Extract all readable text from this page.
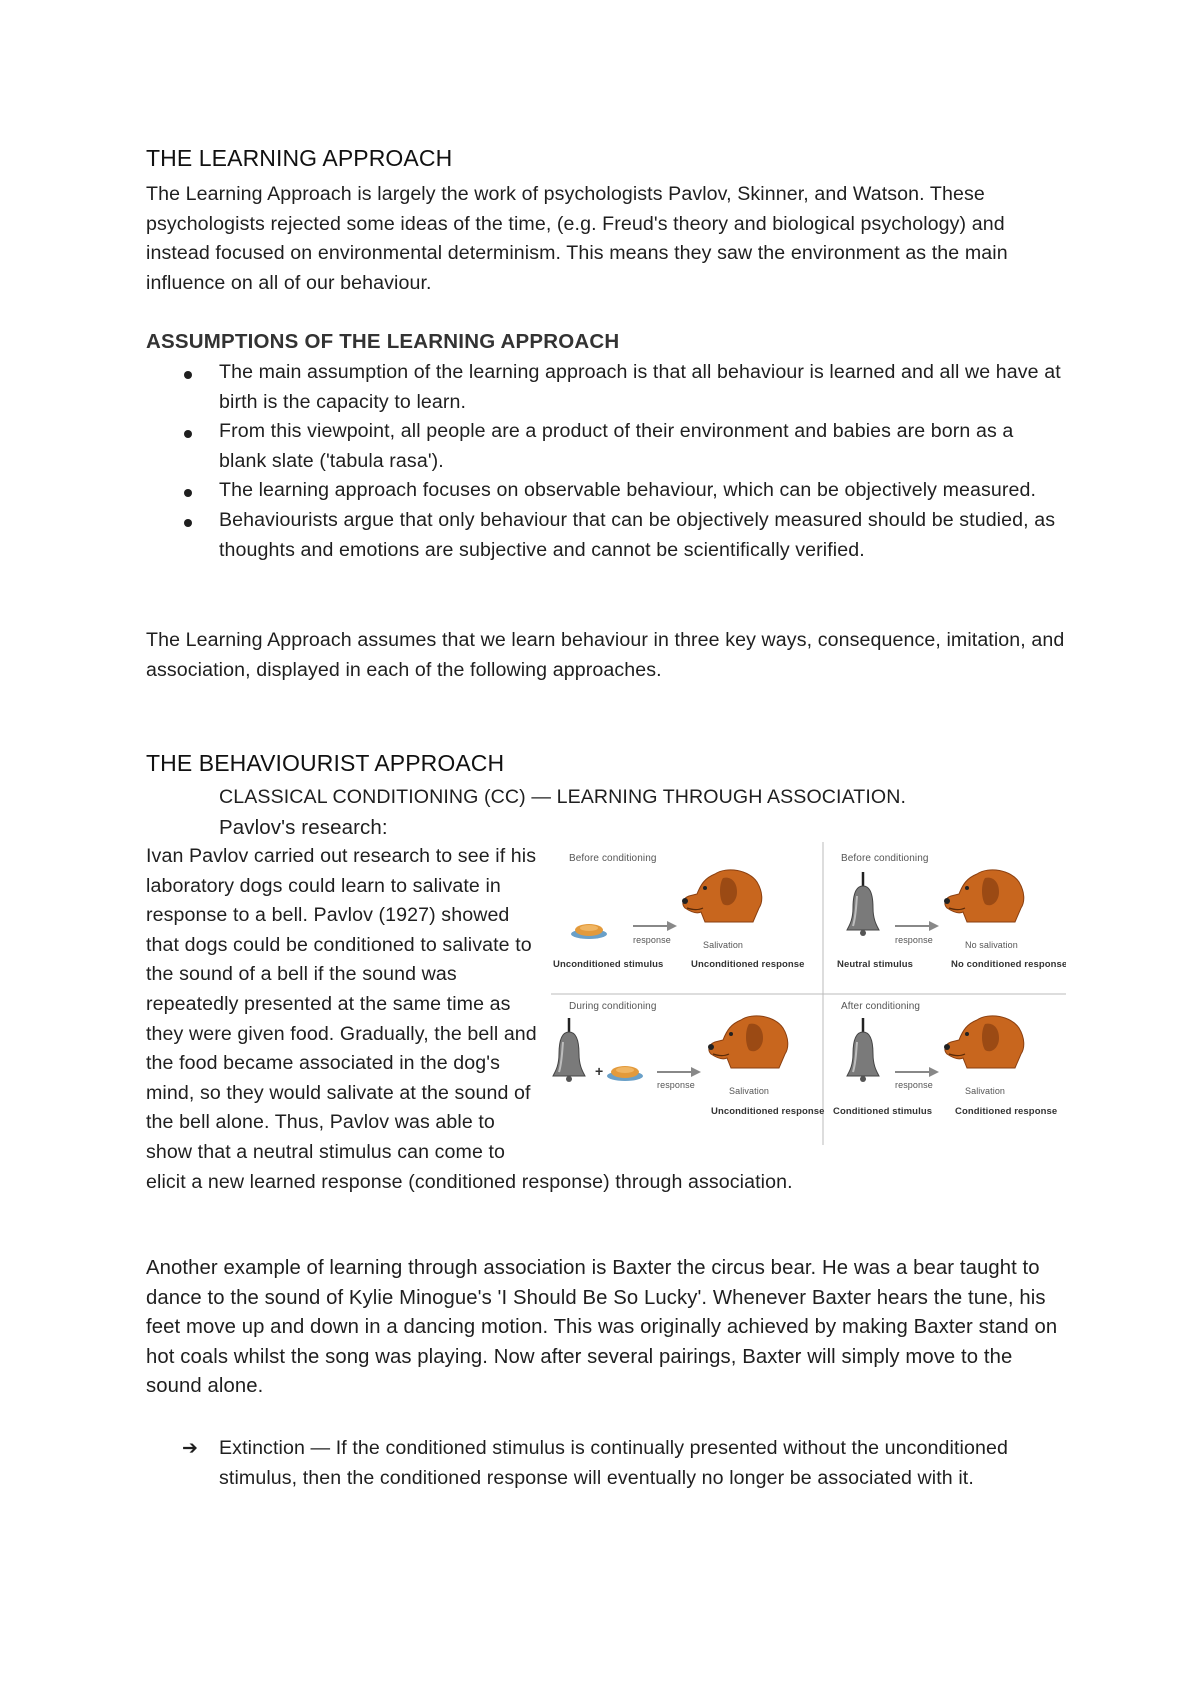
THE LEARNING APPROACH

The Learning Approach is largely the work of psychologists Pavlov, Skinner, and Watson. These psychologists rejected some ideas of the time, (e.g. Freud's theory and biological psychology) and instead focused on environmental determinism. This means they saw the environment as the main influence on all of our behaviour.

ASSUMPTIONS OF THE LEARNING APPROACH
The main assumption of the learning approach is that all behaviour is learned and all we have at birth is the capacity to learn.
From this viewpoint, all people are a product of their environment and babies are born as a blank slate ('tabula rasa').
The learning approach focuses on observable behaviour, which can be objectively measured.
Behaviourists argue that only behaviour that can be objectively measured should be studied, as thoughts and emotions are subjective and cannot be scientifically verified.

The Learning Approach assumes that we learn behaviour in three key ways, consequence, imitation, and association, displayed in each of the following approaches.

THE BEHAVIOURIST APPROACH

CLASSICAL CONDITIONING (CC) — LEARNING THROUGH ASSOCIATION.

Pavlov's research:

Before conditioning
response	Salivation
Unconditioned stimulus	Unconditioned response
Before conditioning
response	No salivation
Neutral stimulus	No conditioned response
During conditioning
+
response
Salivation
Unconditioned response
After conditioning
response
Salivation
Conditioned stimulus Conditioned response
Ivan Pavlov carried out research to see if his laboratory dogs could learn to salivate in response to a bell. Pavlov (1927) showed that dogs could be conditioned to salivate to the sound of a bell if the sound was repeatedly presented at the same time as they were given food. Gradually, the bell and the food became associated in the dog's mind, so they would salivate at the sound of the bell alone. Thus, Pavlov was able to show that a neutral stimulus can come to elicit a new learned response (conditioned response) through association.

Another example of learning through association is Baxter the circus bear. He was a bear taught to dance to the sound of Kylie Minogue's 'I Should Be So Lucky'. Whenever Baxter hears the tune, his feet move up and down in a dancing motion. This was originally achieved by making Baxter stand on hot coals whilst the song was playing. Now after several pairings, Baxter will simply move to the sound alone.

➔ Extinction — If the conditioned stimulus is continually presented without the unconditioned stimulus, then the conditioned response will eventually no longer be associated with it.
